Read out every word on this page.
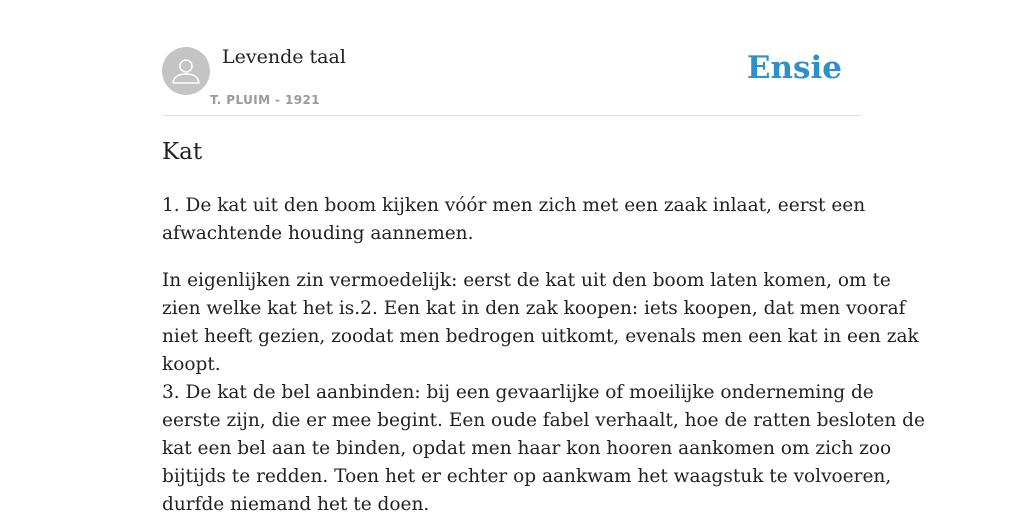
Levende taal
T. PLUIM - 1921
Ensie
Kat

1. De kat uit den boom kijken vóór men zich met een zaak inlaat, eerst een
afwachtende houding aannemen.

In eigenlijken zin vermoedelijk: eerst de kat uit den boom laten komen, om te
zien welke kat het is.2. Een kat in den zak koopen: iets koopen, dat men vooraf
niet heeft gezien, zoodat men bedrogen uitkomt, evenals men een kat in een zak
koopt.
3. De kat de bel aanbinden: bij een gevaarlijke of moeilijke onderneming de
eerste zijn, die er mee begint. Een oude fabel verhaalt, hoe de ratten besloten de
kat een bel aan te binden, opdat men haar kon hooren aankomen om zich zoo
bijtijds te redden. Toen het er echter op aankwam het waagstuk te volvoeren,
durfde niemand het te doen.
